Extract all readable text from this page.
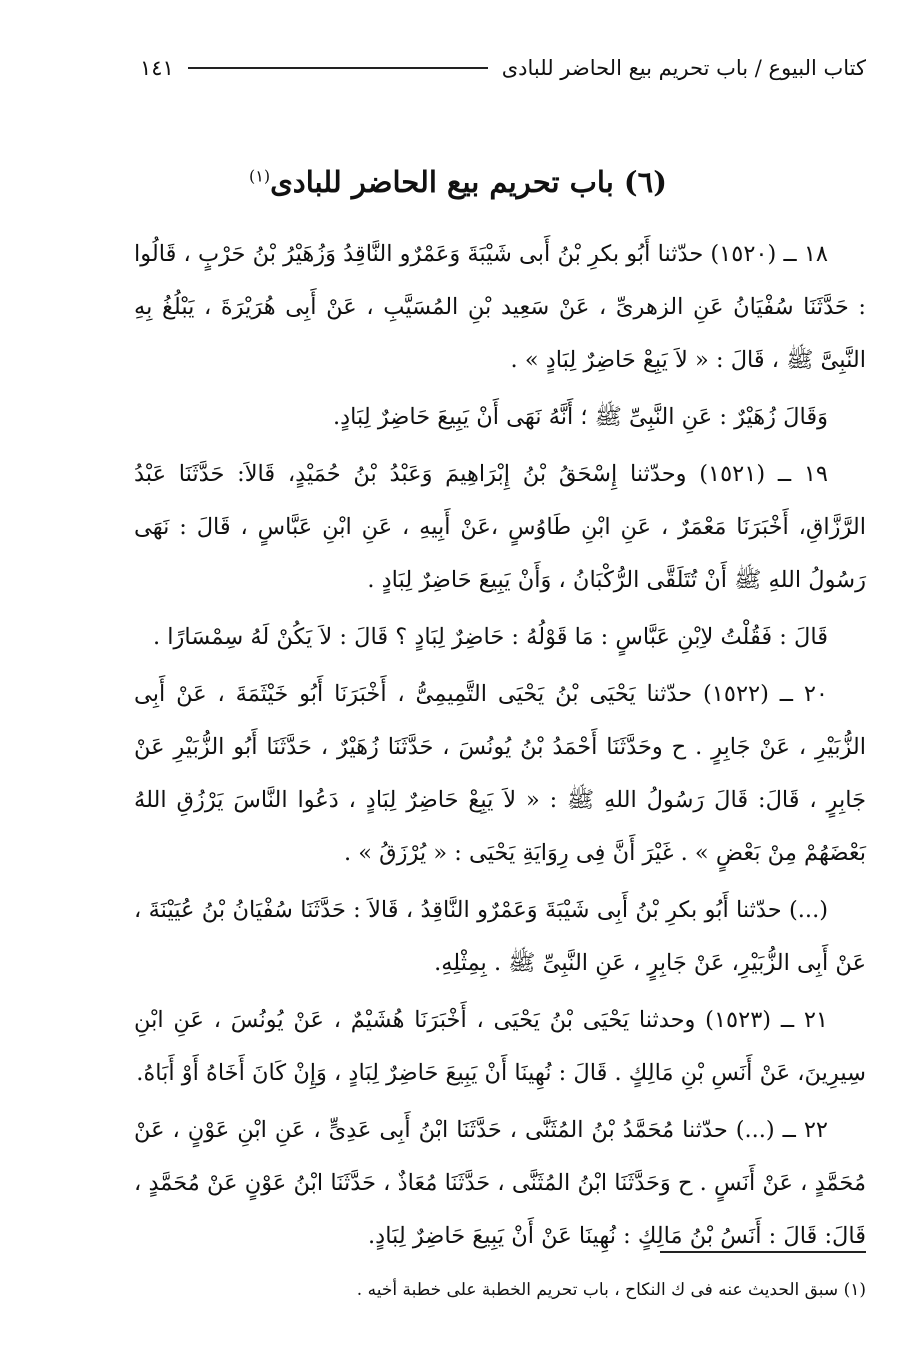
كتاب البيوع / باب تحريم بيع الحاضر للبادى
١٤١
(٦) باب تحريم بيع الحاضر للبادى$^{(١)}$

١٨ ــ (١٥٢٠) حدّثنا أَبُو بكرِ بْنُ أَبى شَيْبَةَ وَعَمْرٌو النَّاقِدُ وَزُهَيْرُ بْنُ حَرْبٍ ، قَالُوا : حَدَّثَنَا سُفْيَانُ عَنِ الزهرىِّ ، عَنْ سَعِيد بْنِ المُسَيَّبِ ، عَنْ أَبِى هُرَيْرَةَ ، يَبْلُغُ بِهِ النَّبِىَّ ﷺ ، قَالَ : « لاَ يَبِعْ حَاضِرٌ لِبَادٍ » .

وَقَالَ زُهَيْرٌ : عَنِ النَّبِىِّ ﷺ ؛ أَنَّهُ نَهَى أَنْ يَبِيعَ حَاضِرٌ لِبَادٍ.

١٩ ــ (١٥٢١) وحدّثنا إِسْحَقُ بْنُ إِبْرَاهِيمَ وَعَبْدُ بْنُ حُمَيْدٍ، قَالاَ: حَدَّثَنَا عَبْدُ الرَّزَّاقِ، أَخْبَرَنَا مَعْمَرٌ ، عَنِ ابْنِ طَاوُسٍ ،عَنْ أَبِيهِ ، عَنِ ابْنِ عَبَّاسٍ ، قَالَ : نَهَى رَسُولُ اللهِ ﷺ أَنْ تُتَلَقَّى الرُّكْبَانُ ، وَأَنْ يَبِيعَ حَاضِرٌ لِبَادٍ .

قَالَ : فَقُلْتُ لاِبْنِ عَبَّاسٍ : مَا قَوْلُهُ : حَاضِرٌ لِبَادٍ ؟ قَالَ : لاَ يَكُنْ لَهُ سِمْسَارًا .

٢٠ ــ (١٥٢٢) حدّثنا يَحْيَى بْنُ يَحْيَى التَّمِيمِىُّ ، أَخْبَرَنَا أَبُو خَيْثَمَةَ ، عَنْ أَبِى الزُّبَيْرِ ، عَنْ جَابِرٍ . ح وحَدَّثَنَا أَحْمَدُ بْنُ يُونُسَ ، حَدَّثَنَا زُهَيْرٌ ، حَدَّثَنَا أَبُو الزُّبَيْرِ عَنْ جَابِرٍ ، قَالَ: قَالَ رَسُولُ اللهِ ﷺ : « لاَ يَبِعْ حَاضِرٌ لِبَادٍ ، دَعُوا النَّاسَ يَرْزُقِ اللهُ بَعْضَهُمْ مِنْ بَعْضٍ » . غَيْرَ أَنَّ فِى رِوَايَةِ يَحْيَى : « يُرْزَقُ » .

(...) حدّثنا أَبُو بكرِ بْنُ أَبِى شَيْبَةَ وَعَمْرٌو النَّاقِدُ ، قَالاَ : حَدَّثَنَا سُفْيَانُ بْنُ عُيَيْنَةَ ، عَنْ أَبِى الزُّبَيْرِ، عَنْ جَابِرٍ ، عَنِ النَّبِىِّ ﷺ . بِمِثْلِهِ.

٢١ ــ (١٥٢٣) وحدثنا يَحْيَى بْنُ يَحْيَى ، أَخْبَرَنَا هُشَيْمٌ ، عَنْ يُونُسَ ، عَنِ ابْنِ سِيرِينَ، عَنْ أَنَسِ بْنِ مَالِكٍ . قَالَ : نُهِينَا أَنْ يَبِيعَ حَاضِرٌ لِبَادٍ ، وَإِنْ كَانَ أَخَاهُ أَوْ أَبَاهُ.

٢٢ ــ (...) حدّثنا مُحَمَّدُ بْنُ المُثَنَّى ، حَدَّثَنَا ابْنُ أَبِى عَدِىٍّ ، عَنِ ابْنِ عَوْنٍ ، عَنْ مُحَمَّدٍ ، عَنْ أَنَسٍ . ح وَحَدَّثَنَا ابْنُ المُثَنَّى ، حَدَّثَنَا مُعَاذٌ ، حَدَّثَنَا ابْنُ عَوْنٍ عَنْ مُحَمَّدٍ ، قَالَ: قَالَ : أَنَسُ بْنُ مَالِكٍ : نُهِينَا عَنْ أَنْ يَبِيعَ حَاضِرٌ لِبَادٍ.

(١) سبق الحديث عنه فى ك النكاح ، باب تحريم الخطبة على خطبة أخيه .
